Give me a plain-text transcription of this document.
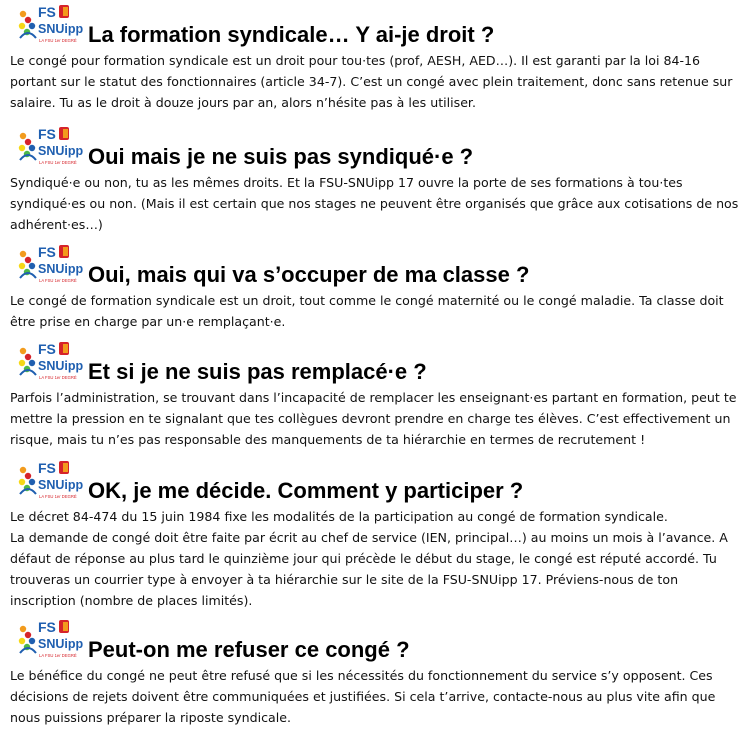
FS
SNUipp
LA FSU 1er DEGRÉ La formation syndicale… Y ai-je droit ?

Le congé pour formation syndicale est un droit pour tou·tes (prof, AESH, AED…). Il est garanti par la loi 84-16 portant sur le statut des fonctionnaires (article 34-7). C’est un congé avec plein traitement, donc sans retenue sur salaire. Tu as le droit à douze jours par an, alors n’hésite pas à les utiliser.

FS
SNUipp
LA FSU 1er DEGRÉ Oui mais je ne suis pas syndiqué·e ?

Syndiqué·e ou non, tu as les mêmes droits. Et la FSU-SNUipp 17 ouvre la porte de ses formations à tou·tes syndiqué·es ou non. (Mais il est certain que nos stages ne peuvent être organisés que grâce aux cotisations de nos adhérent·es…)

FS
SNUipp
LA FSU 1er DEGRÉ Oui, mais qui va s’occuper de ma classe ?

Le congé de formation syndicale est un droit, tout comme le congé maternité ou le congé maladie. Ta classe doit être prise en charge par un·e remplaçant·e.

FS
SNUipp
LA FSU 1er DEGRÉ Et si je ne suis pas remplacé·e ?

Parfois l’administration, se trouvant dans l’incapacité de remplacer les enseignant·es partant en formation, peut te mettre la pression en te signalant que tes collègues devront prendre en charge tes élèves. C’est effectivement un risque, mais tu n’es pas responsable des manquements de ta hiérarchie en termes de recrutement !

FS
SNUipp
LA FSU 1er DEGRÉ OK, je me décide. Comment y participer ?

Le décret 84-474 du 15 juin 1984 fixe les modalités de la participation au congé de formation syndicale.

La demande de congé doit être faite par écrit au chef de service (IEN, principal…) au moins un mois à l’avance. A défaut de réponse au plus tard le quinzième jour qui précède le début du stage, le congé est réputé accordé. Tu trouveras un courrier type à envoyer à ta hiérarchie sur le site de la FSU-SNUipp 17. Préviens-nous de ton inscription (nombre de places limités).

FS
SNUipp
LA FSU 1er DEGRÉ Peut-on me refuser ce congé ?

Le bénéfice du congé ne peut être refusé que si les nécessités du fonctionnement du service s’y opposent. Ces décisions de rejets doivent être communiquées et justifiées. Si cela t’arrive, contacte-nous au plus vite afin que nous puissions préparer la riposte syndicale.
